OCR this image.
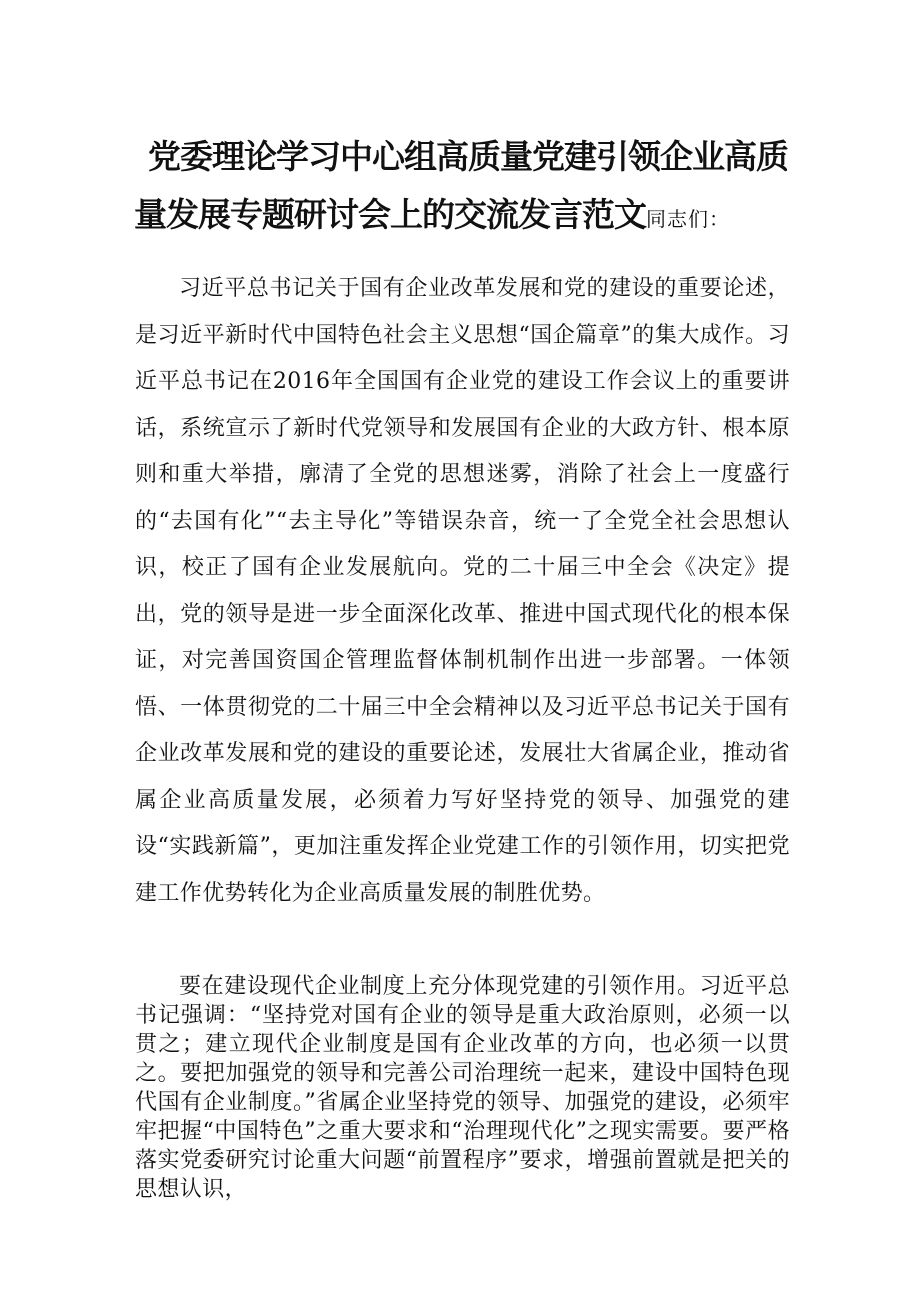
党委理论学习中心组高质量党建引领企业高质
量发展专题研讨会上的交流发言范文同志们：

习近平总书记关于国有企业改革发展和党的建设的重要论述，是习近平新时代中国特色社会主义思想“国企篇章”的集大成作。习近平总书记在2016年全国国有企业党的建设工作会议上的重要讲话，系统宣示了新时代党领导和发展国有企业的大政方针、根本原则和重大举措，廓清了全党的思想迷雾，消除了社会上一度盛行的“去国有化”“去主导化”等错误杂音，统一了全党全社会思想认识，校正了国有企业发展航向。党的二十届三中全会《决定》提出，党的领导是进一步全面深化改革、推进中国式现代化的根本保证，对完善国资国企管理监督体制机制作出进一步部署。一体领悟、一体贯彻党的二十届三中全会精神以及习近平总书记关于国有企业改革发展和党的建设的重要论述，发展壮大省属企业，推动省属企业高质量发展，必须着力写好坚持党的领导、加强党的建设“实践新篇”，更加注重发挥企业党建工作的引领作用，切实把党建工作优势转化为企业高质量发展的制胜优势。

要在建设现代企业制度上充分体现党建的引领作用。习近平总书记强调：“坚持党对国有企业的领导是重大政治原则，必须一以贯之；建立现代企业制度是国有企业改革的方向，也必须一以贯之。要把加强党的领导和完善公司治理统一起来，建设中国特色现代国有企业制度。”省属企业坚持党的领导、加强党的建设，必须牢牢把握“中国特色”之重大要求和“治理现代化”之现实需要。要严格落实党委研究讨论重大问题“前置程序”要求，增强前置就是把关的思想认识，
